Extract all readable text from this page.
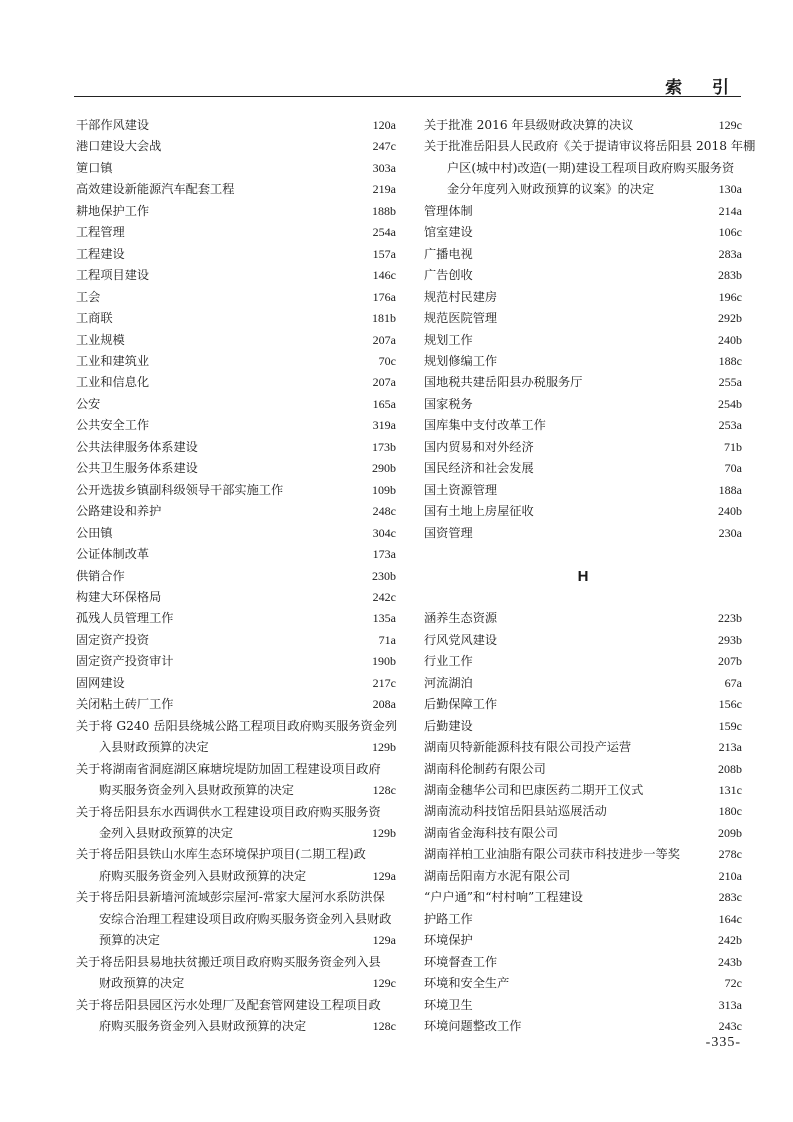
索 引
干部作风建设	120a
港口建设大会战	247c
筻口镇	303a
高效建设新能源汽车配套工程	219a
耕地保护工作	188b
工程管理	254a
工程建设	157a
工程项目建设	146c
工会	176a
工商联	181b
工业规模	207a
工业和建筑业	70c
工业和信息化	207a
公安	165a
公共安全工作	319a
公共法律服务体系建设	173b
公共卫生服务体系建设	290b
公开选拔乡镇副科级领导干部实施工作	109b
公路建设和养护	248c
公田镇	304c
公证体制改革	173a
供销合作	230b
构建大环保格局	242c
孤残人员管理工作	135a
固定资产投资	71a
固定资产投资审计	190b
固网建设	217c
关闭粘土砖厂工作	208a
关于将 G240 岳阳县绕城公路工程项目政府购买服务资金列
入县财政预算的决定	129b
关于将湖南省洞庭湖区麻塘垸堤防加固工程建设项目政府
购买服务资金列入县财政预算的决定	128c
关于将岳阳县东水西调供水工程建设项目政府购买服务资
金列入县财政预算的决定	129b
关于将岳阳县铁山水库生态环境保护项目(二期工程)政
府购买服务资金列入县财政预算的决定	129a
关于将岳阳县新墙河流域彭宗屋河-常家大屋河水系防洪保
安综合治理工程建设项目政府购买服务资金列入县财政
预算的决定	129a
关于将岳阳县易地扶贫搬迁项目政府购买服务资金列入县
财政预算的决定	129c
关于将岳阳县园区污水处理厂及配套管网建设工程项目政
府购买服务资金列入县财政预算的决定	128c
关于批准 2016 年县级财政决算的决议	129c
关于批准岳阳县人民政府《关于提请审议将岳阳县 2018 年棚
户区(城中村)改造(一期)建设工程项目政府购买服务资
金分年度列入财政预算的议案》的决定	130a
管理体制	214a
馆室建设	106c
广播电视	283a
广告创收	283b
规范村民建房	196c
规范医院管理	292b
规划工作	240b
规划修编工作	188c
国地税共建岳阳县办税服务厅	255a
国家税务	254b
国库集中支付改革工作	253a
国内贸易和对外经济	71b
国民经济和社会发展	70a
国土资源管理	188a
国有土地上房屋征收	240b
国资管理	230a
H
涵养生态资源	223b
行风党风建设	293b
行业工作	207b
河流湖泊	67a
后勤保障工作	156c
后勤建设	159c
湖南贝特新能源科技有限公司投产运营	213a
湖南科伦制药有限公司	208b
湖南金穗华公司和巴康医药二期开工仪式	131c
湖南流动科技馆岳阳县站巡展活动	180c
湖南省金海科技有限公司	209b
湖南祥柏工业油脂有限公司获市科技进步一等奖	278c
湖南岳阳南方水泥有限公司	210a
“户户通”和“村村响”工程建设	283c
护路工作	164c
环境保护	242b
环境督查工作	243b
环境和安全生产	72c
环境卫生	313a
环境问题整改工作	243c
-335-
